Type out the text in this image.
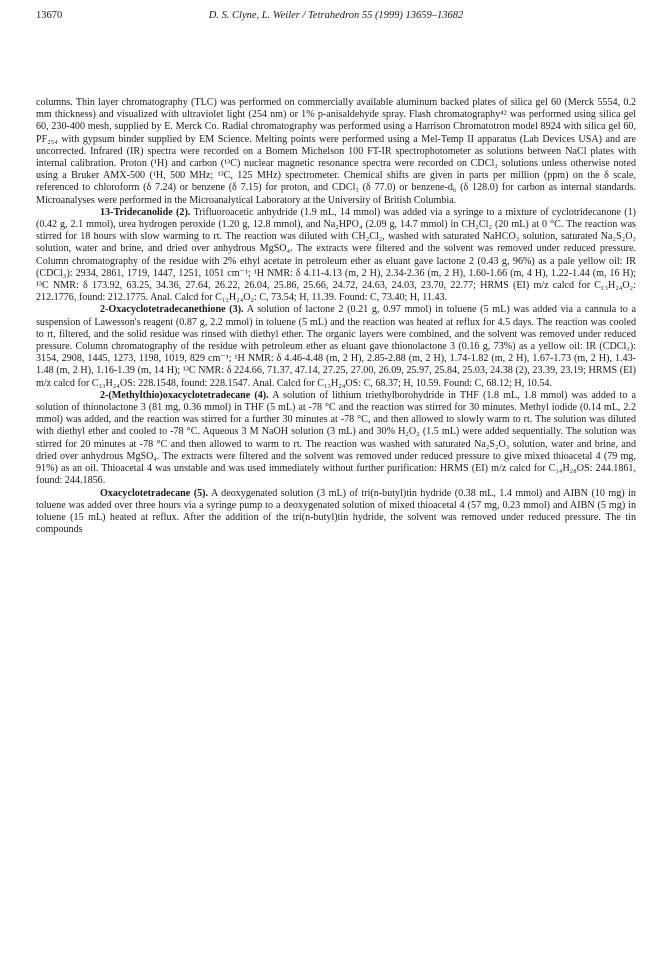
13670	D. S. Clyne, L. Weiler / Tetrahedron 55 (1999) 13659–13682

columns. Thin layer chromatography (TLC) was performed on commercially available aluminum backed plates of silica gel 60 (Merck 5554, 0.2 mm thickness) and visualized with ultraviolet light (254 nm) or 1% p-anisaldehyde spray. Flash chromatography⁴² was performed using silica gel 60, 230-400 mesh, supplied by E. Merck Co. Radial chromatography was performed using a Harrison Chromatotron model 8924 with silica gel 60, PF₂₅₄ with gypsum binder supplied by EM Science. Melting points were performed using a Mel-Temp II apparatus (Lab Devices USA) and are uncorrected. Infrared (IR) spectra were recorded on a Bomem Michelson 100 FT-IR spectrophotometer as solutions between NaCl plates with internal calibration. Proton (¹H) and carbon (¹³C) nuclear magnetic resonance spectra were recorded on CDCl₃ solutions unless otherwise noted using a Bruker AMX-500 (¹H, 500 MHz; ¹³C, 125 MHz) spectrometer. Chemical shifts are given in parts per million (ppm) on the δ scale, referenced to chloroform (δ 7.24) or benzene (δ 7.15) for proton, and CDCl₃ (δ 77.0) or benzene-d₆ (δ 128.0) for carbon as internal standards. Microanalyses were performed in the Microanalytical Laboratory at the University of British Columbia.

13-Tridecanolide (2). Trifluoroacetic anhydride (1.9 mL, 14 mmol) was added via a syringe to a mixture of cyclotridecanone (1) (0.42 g, 2.1 mmol), urea hydrogen peroxide (1.20 g, 12.8 mmol), and Na₂HPO₄ (2.09 g, 14.7 mmol) in CH₂Cl₂ (20 mL) at 0 °C. The reaction was stirred for 18 hours with slow warming to rt. The reaction was diluted with CH₂Cl₂, washed with saturated NaHCO₃ solution, saturated Na₂S₂O₃ solution, water and brine, and dried over anhydrous MgSO₄. The extracts were filtered and the solvent was removed under reduced pressure. Column chromatography of the residue with 2% ethyl acetate in petroleum ether as eluant gave lactone 2 (0.43 g, 96%) as a pale yellow oil: IR (CDCl₃): 2934, 2861, 1719, 1447, 1251, 1051 cm⁻¹; ¹H NMR: δ 4.11-4.13 (m, 2 H), 2.34-2.36 (m, 2 H), 1.60-1.66 (m, 4 H), 1.22-1.44 (m, 16 H); ¹³C NMR: δ 173.92, 63.25, 34.36, 27.64, 26.22, 26.04, 25.86, 25.66, 24.72, 24.63, 24.03, 23.70, 22.77; HRMS (EI) m/z calcd for C₁₃H₂₄O₂: 212.1776, found: 212.1775. Anal. Calcd for C₁₃H₂₄O₂: C, 73.54; H, 11.39. Found: C, 73.40; H, 11.43.

2-Oxacyclotetradecanethione (3). A solution of lactone 2 (0.21 g, 0.97 mmol) in toluene (5 mL) was added via a cannula to a suspension of Lawesson's reagent (0.87 g, 2.2 mmol) in toluene (5 mL) and the reaction was heated at reflux for 4.5 days. The reaction was cooled to rt, filtered, and the solid residue was rinsed with diethyl ether. The organic layers were combined, and the solvent was removed under reduced pressure. Column chromatography of the residue with petroleum ether as eluant gave thionolactone 3 (0.16 g, 73%) as a yellow oil: IR (CDCl₃): 3154, 2908, 1445, 1273, 1198, 1019, 829 cm⁻¹; ¹H NMR: δ 4.46-4.48 (m, 2 H), 2.85-2.88 (m, 2 H), 1.74-1.82 (m, 2 H), 1.67-1.73 (m, 2 H), 1.43-1.48 (m, 2 H), 1.16-1.39 (m, 14 H); ¹³C NMR: δ 224.66, 71.37, 47.14, 27.25, 27.00, 26.09, 25.97, 25.84, 25.03, 24.38 (2), 23.39, 23.19; HRMS (EI) m/z calcd for C₁₃H₂₄OS: 228.1548, found: 228.1547. Anal. Calcd for C₁₃H₂₄OS: C, 68.37; H, 10.59. Found: C, 68.12; H, 10.54.

2-(Methylthio)oxacyclotetradecane (4). A solution of lithium triethylborohydride in THF (1.8 mL, 1.8 mmol) was added to a solution of thionolactone 3 (81 mg, 0.36 mmol) in THF (5 mL) at -78 °C and the reaction was stirred for 30 minutes. Methyl iodide (0.14 mL, 2.2 mmol) was added, and the reaction was stirred for a further 30 minutes at -78 °C, and then allowed to slowly warm to rt. The solution was diluted with diethyl ether and cooled to -78 °C. Aqueous 3 M NaOH solution (3 mL) and 30% H₂O₂ (1.5 mL) were added sequentially. The solution was stirred for 20 minutes at -78 °C and then allowed to warm to rt. The reaction was washed with saturated Na₂S₂O₃ solution, water and brine, and dried over anhydrous MgSO₄. The extracts were filtered and the solvent was removed under reduced pressure to give mixed thioacetal 4 (79 mg, 91%) as an oil. Thioacetal 4 was unstable and was used immediately without further purification: HRMS (EI) m/z calcd for C₁₄H₂₈OS: 244.1861, found: 244.1856.

Oxacyclotetradecane (5). A deoxygenated solution (3 mL) of tri(n-butyl)tin hydride (0.38 mL, 1.4 mmol) and AIBN (10 mg) in toluene was added over three hours via a syringe pump to a deoxygenated solution of mixed thioacetal 4 (57 mg, 0.23 mmol) and AIBN (5 mg) in toluene (15 mL) heated at reflux. After the addition of the tri(n-butyl)tin hydride, the solvent was removed under reduced pressure. The tin compounds
